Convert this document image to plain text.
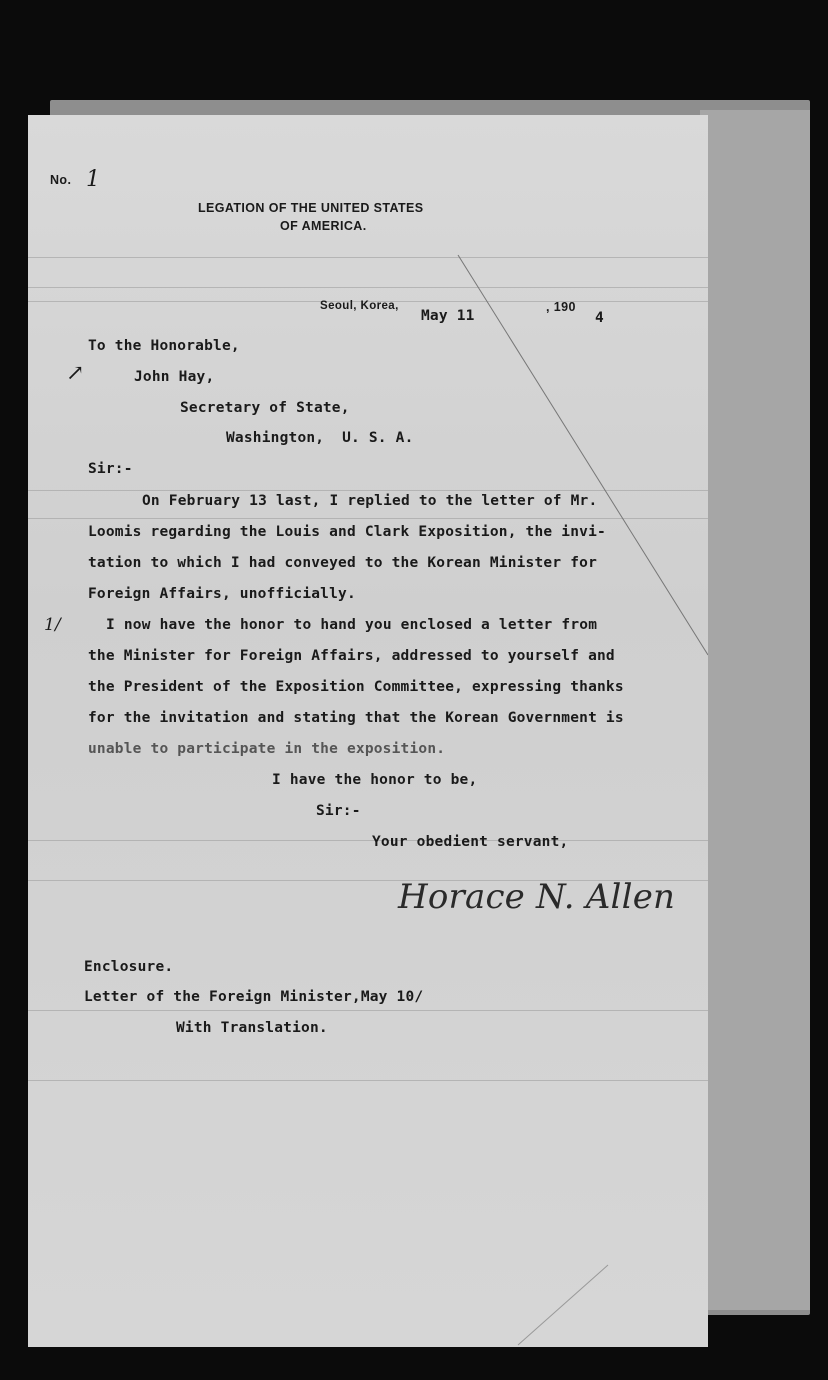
No. 1
LEGATION OF THE UNITED STATES
OF AMERICA.
Seoul, Korea,
May 11
, 190
4
To the Honorable,
↗	John Hay,
Secretary of State,
Washington,  U. S. A.
Sir:-
On February 13 last, I replied to the letter of Mr.
Loomis regarding the Louis and Clark Exposition, the invi-
tation to which I had conveyed to the Korean Minister for
Foreign Affairs, unofficially.
1/	I now have the honor to hand you enclosed a letter from
the Minister for Foreign Affairs, addressed to yourself and
the President of the Exposition Committee, expressing thanks
for the invitation and stating that the Korean Government is
unable to participate in the exposition.
I have the honor to be,
Sir:-
Your obedient servant,
Horace N. Allen
Enclosure.
Letter of the Foreign Minister,May 10/
With Translation.
